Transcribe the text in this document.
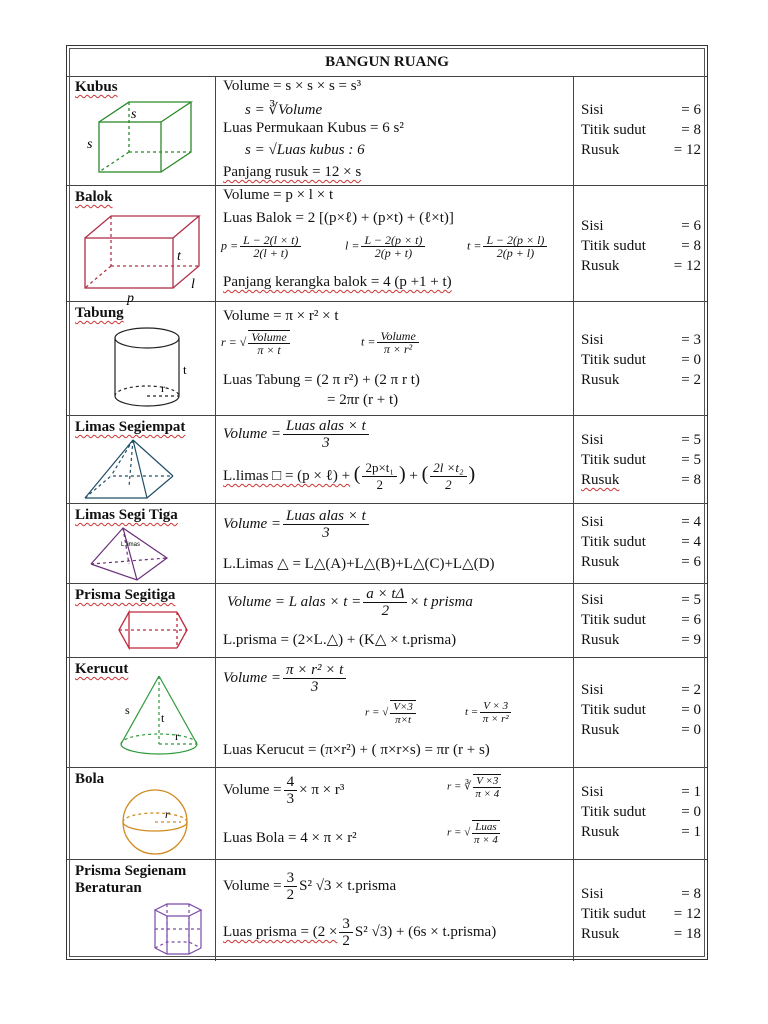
BANGUN RUANG
Kubus
s
s
Volume = s × s × s = s³
s = ∛Volume
Luas Permukaan Kubus = 6 s²
s = √Luas kubus : 6
Panjang rusuk = 12 × s
Sisi	= 6
Titik sudut	= 8
Rusuk	= 12
Balok
t
p
l
Volume = p × l × t
Luas Balok = 2 [(p×ℓ) + (p×t) + (ℓ×t)]
$p = \frac{L - 2(l \times t)}{2(l + t)}$	$l = \frac{L - 2(p \times t)}{2(p + t)}$	$t = \frac{L - 2(p \times l)}{2(p + l)}$
Panjang kerangka balok = 4 (p +1 + t)
Sisi	= 6
Titik sudut	= 8
Rusuk	= 12
Tabung
t
r
Volume = π × r² × t
r = √ $\frac{\text{Volume}}{\pi \times t}$	$t = \frac{\text{Volume}}{\text{π × r²}}$
Luas Tabung = (2 π r²) + (2 π r t)
= 2πr (r + t)
Sisi	= 3
Titik sudut	= 0
Rusuk	= 2
Limas Segiempat	Volume = $\frac{\text{Luas alas × t}}{3}$
L.limas □ = (p × ℓ) + ( $\frac{\text{2p×t₁}}{2}$ ) + ( $\frac{\text{2l ×t₂}}{2}$ )
Sisi	= 5
Titik sudut	= 5
Rusuk	= 8
Limas Segi Tiga
L.limas
Volume = $\frac{\text{Luas alas × t}}{3}$
L.Limas △ = L△(A)+L△(B)+L△(C)+L△(D)
Sisi	= 4
Titik sudut	= 4
Rusuk	= 6
Prisma Segitiga	Volume = L alas × $t = \frac{a \times t\Delta}{2} \times t$ prisma
L.prisma = (2×L.△) + (K△ × t.prisma)
Sisi	= 5
Titik sudut	= 6
Rusuk	= 9
Kerucut
s
t
r
Volume = $\frac{\text{π × r² × t}}{3}$
r = √ $\frac{V\times 3}{\pi\times t}$	$t = \frac{V \times 3}{\text{π × r²}}$
Luas Kerucut = (π×r²) + ( π×r×s) = πr (r + s)
Sisi	= 2
Titik sudut	= 0
Rusuk	= 0
Bola
r
Volume = $\frac{4}{3} \times \pi \times r^3$	r = ∛ $\frac{V \times 3}{\pi \times 4}$
Luas Bola = 4 × π × r²	r = √ $\frac{\text{Luas}}{\pi \times 4}$
Sisi	= 1
Titik sudut	= 0
Rusuk	= 1
Prisma Segienam Beraturan	Volume = $\frac{3}{2} S^2$ √3 × t.prisma
Luas prisma = ($2 \times \frac{3}{2} S^2$ √3) + (6s × t.prisma)
Sisi	= 8
Titik sudut	= 12
Rusuk	= 18
